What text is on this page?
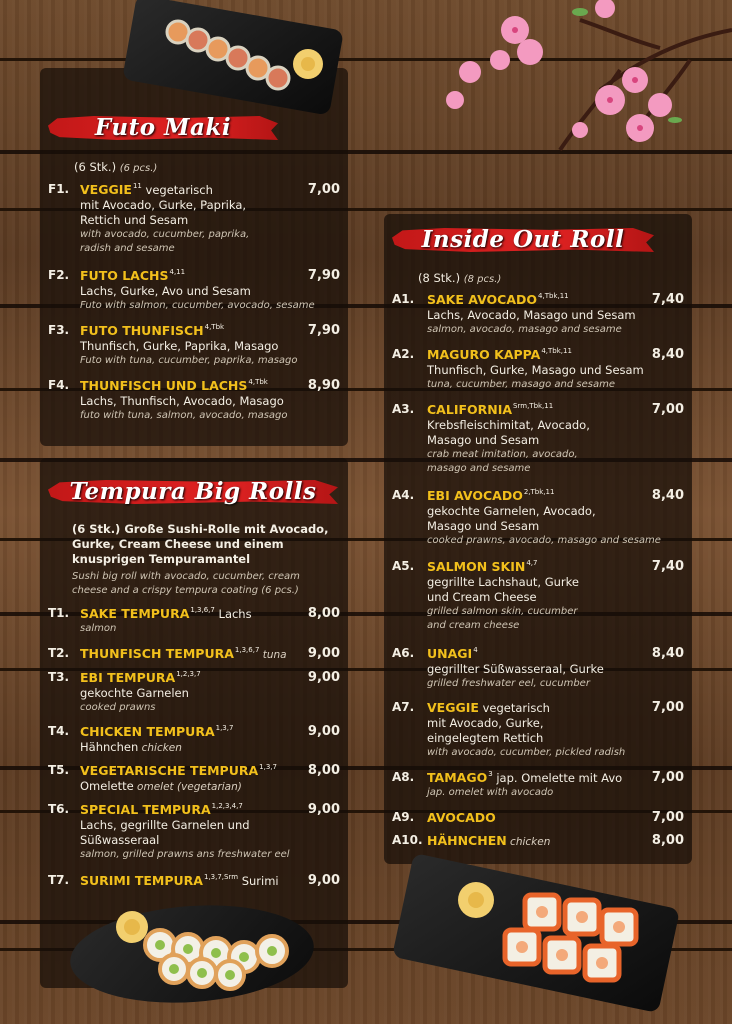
Futo Maki
(6 Stk.) (6 pcs.)
F1. VEGGIE$^{11}$ vegetarisch	7,00
mit Avocado, Gurke, Paprika,
Rettich und Sesam
with avocado, cucumber, paprika,
radish and sesame
F2. FUTO LACHS$^{4,11}$	7,90
Lachs, Gurke, Avo und Sesam
Futo with salmon, cucumber, avocado, sesame
F3. FUTO $THUNFISCH^{4,Tbk}$	7,90
Thunfisch, Gurke, Paprika, Masago
Futo with tuna, cucumber, paprika, masago
F4. THUNFISCH UND $LACHS^{4,Tbk}$	8,90
Lachs, Thunfisch, Avocado, Masago
futo with tuna, salmon, avocado, masago
Tempura Big Rolls
(6 Stk.) Große Sushi-Rolle mit Avocado,
Gurke, Cream Cheese und einem
knusprigen Tempuramantel
Sushi big roll with avocado, cucumber, cream
cheese and a crispy tempura coating (6 pcs.)
T1. SAKE TEMPURA$^{1,3,6,7}$ Lachs	8,00
salmon
T2. THUNFISCH TEMPURA$^{1,3,6,7}$ tuna 9,00
T3. EBI TEMPURA$^{1,2,3,7}$	9,00
gekochte Garnelen
cooked prawns
T4. CHICKEN TEMPURA$^{1,3,7}$	9,00
Hähnchen chicken
T5. VEGETARISCHE TEMPURA$^{1,3,7}$ 8,00
Omelette omelet (vegetarian)
T6. SPECIAL TEMPURA$^{1,2,3,4,7}$	9,00
Lachs, gegrillte Garnelen und
Süßwasseraal
salmon, grilled prawns ans freshwater eel
T7. SURIMI $TEMPURA^{1,3,7,Srm}$ Surimi 9,00
Inside Out Roll
(8 Stk.) (8 pcs.)
A1. SAKE $AVOCADO^{4,Tbk,11}$	7,40
Lachs, Avocado, Masago und Sesam
salmon, avocado, masago and sesame
A2. MAGURO $KAPPA^{4,Tbk,11}$	8,40
Thunfisch, Gurke, Masago und Sesam
tuna, cucumber, masago and sesame
A3. $CALIFORNIA^{Srm,Tbk,11}$	7,00
Krebsfleischimitat, Avocado,
Masago und Sesam
crab meat imitation, avocado,
masago and sesame
A4. EBI $AVOCADO^{2,Tbk,11}$	8,40
gekochte Garnelen, Avocado,
Masago und Sesam
cooked prawns, avocado, masago and sesame
A5. SALMON SKIN$^{4,7}$	7,40
gegrillte Lachshaut, Gurke
und Cream Cheese
grilled salmon skin, cucumber
and cream cheese
A6. UNAGI$^4$	8,40
gegrillter Süßwasseraal, Gurke
grilled freshwater eel, cucumber
A7. VEGGIE vegetarisch	7,00
mit Avocado, Gurke,
eingelegtem Rettich
with avocado, cucumber, pickled radish
A8. TAMAGO$^3$ jap. Omelette mit Avo 7,00
jap. omelet with avocado
A9. AVOCADO	7,00
A10. HÄHNCHEN chicken	8,00
